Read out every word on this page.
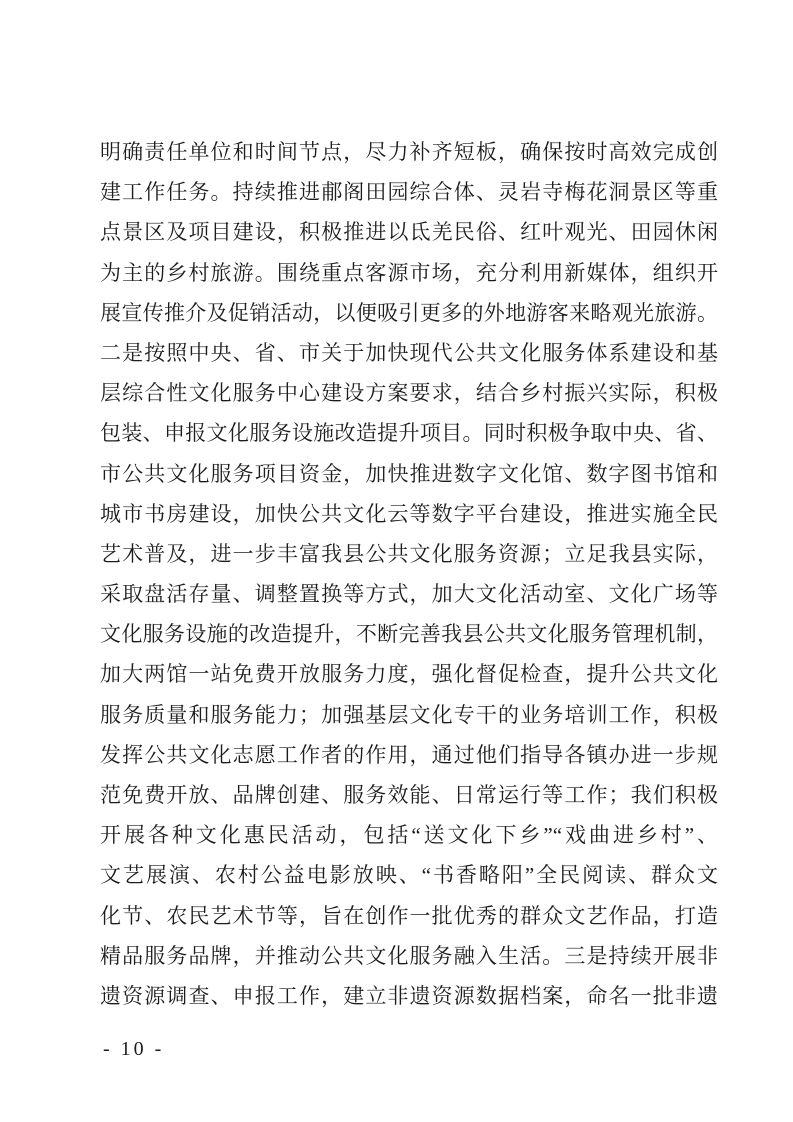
明确责任单位和时间节点，尽力补齐短板，确保按时高效完成创
建工作任务。持续推进郙阁田园综合体、灵岩寺梅花洞景区等重
点景区及项目建设，积极推进以氐羌民俗、红叶观光、田园休闲
为主的乡村旅游。围绕重点客源市场，充分利用新媒体，组织开
展宣传推介及促销活动，以便吸引更多的外地游客来略观光旅游。
二是按照中央、省、市关于加快现代公共文化服务体系建设和基
层综合性文化服务中心建设方案要求，结合乡村振兴实际，积极
包装、申报文化服务设施改造提升项目。同时积极争取中央、省、
市公共文化服务项目资金，加快推进数字文化馆、数字图书馆和
城市书房建设，加快公共文化云等数字平台建设，推进实施全民
艺术普及，进一步丰富我县公共文化服务资源；立足我县实际，
采取盘活存量、调整置换等方式，加大文化活动室、文化广场等
文化服务设施的改造提升，不断完善我县公共文化服务管理机制，
加大两馆一站免费开放服务力度，强化督促检查，提升公共文化
服务质量和服务能力；加强基层文化专干的业务培训工作，积极
发挥公共文化志愿工作者的作用，通过他们指导各镇办进一步规
范免费开放、品牌创建、服务效能、日常运行等工作；我们积极
开展各种文化惠民活动，包括“送文化下乡”“戏曲进乡村”、
文艺展演、农村公益电影放映、“书香略阳”全民阅读、群众文
化节、农民艺术节等，旨在创作一批优秀的群众文艺作品，打造
精品服务品牌，并推动公共文化服务融入生活。三是持续开展非
遗资源调查、申报工作，建立非遗资源数据档案，命名一批非遗
- 10 -
